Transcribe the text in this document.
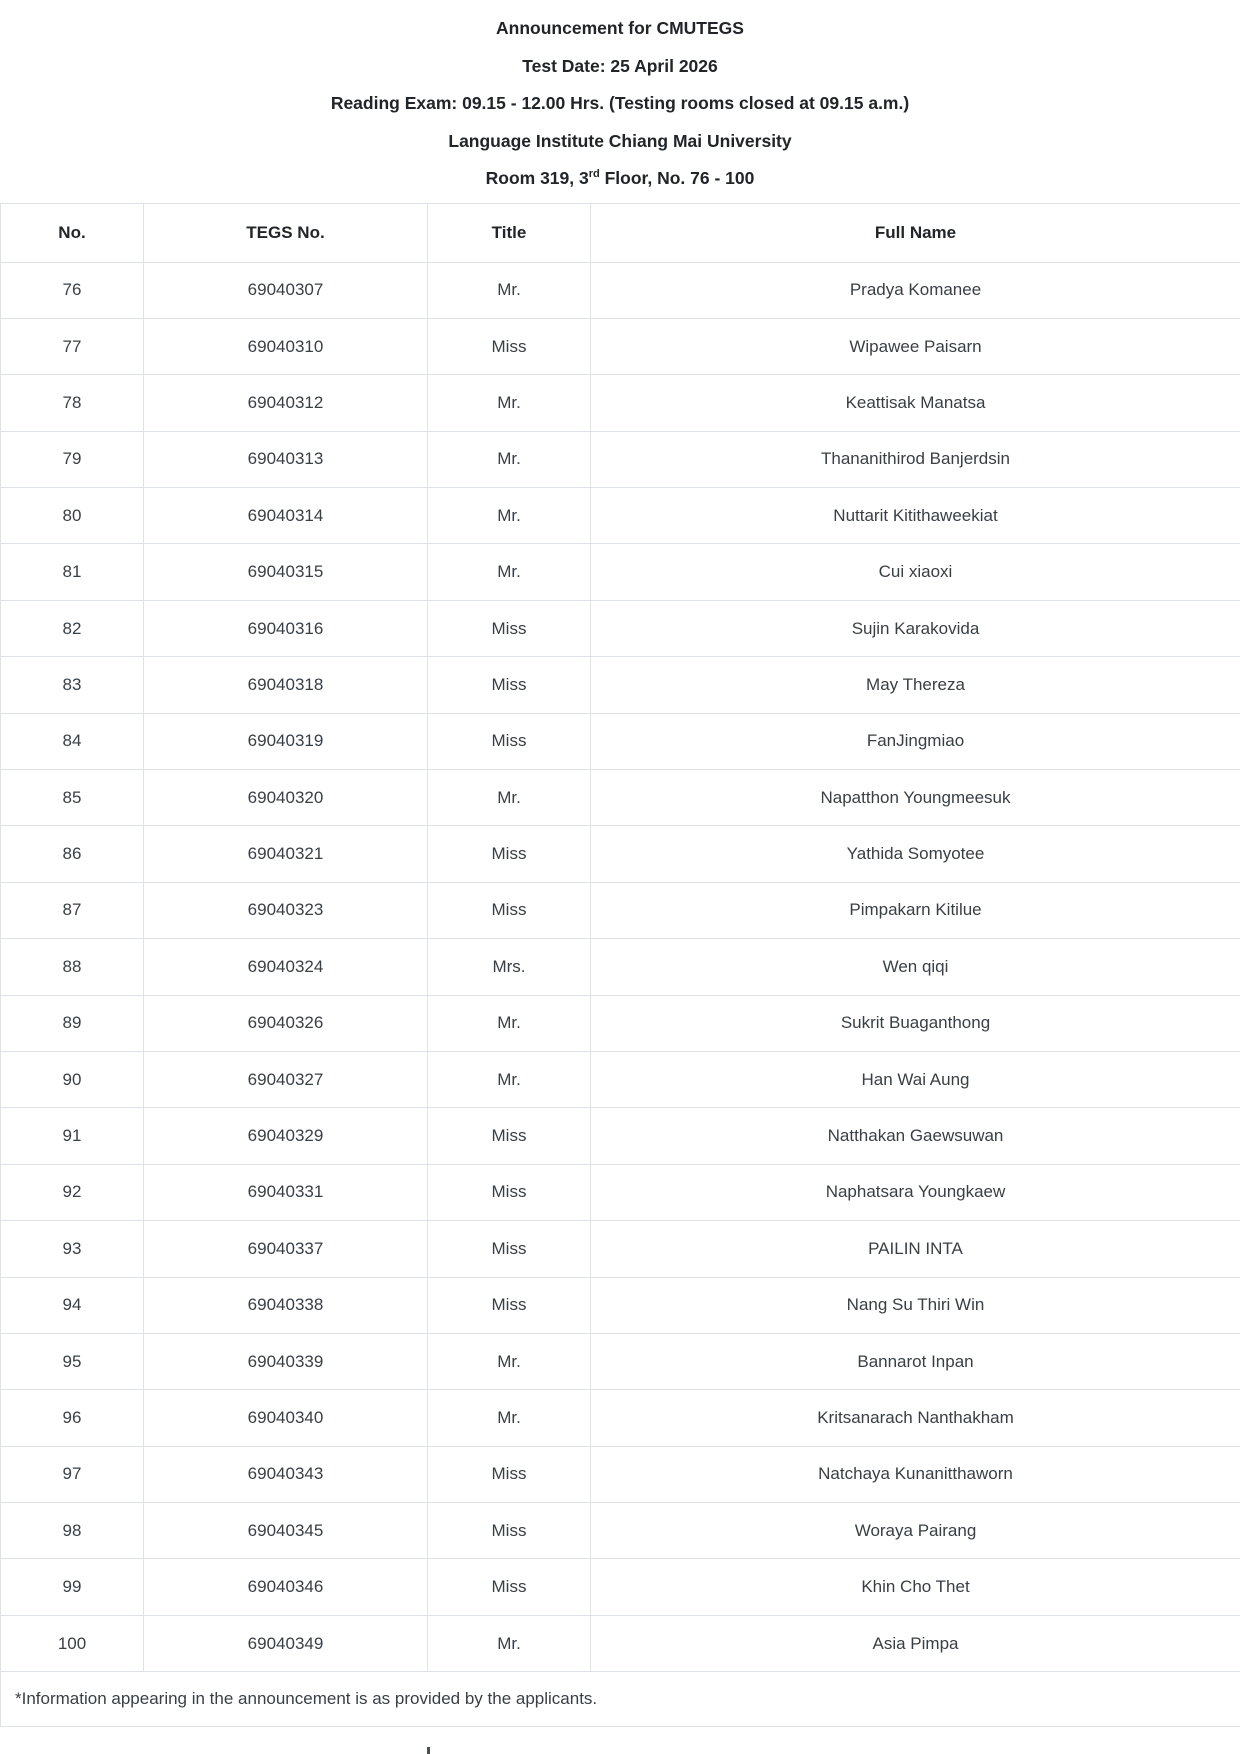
Announcement for CMUTEGS
Test Date: 25 April 2026
Reading Exam: 09.15 - 12.00 Hrs. (Testing rooms closed at 09.15 a.m.)
Language Institute Chiang Mai University
Room 319, 3rd Floor, No. 76 - 100
No.	TEGS No.	Title	Full Name
76	69040307	Mr.	Pradya Komanee
77	69040310	Miss	Wipawee Paisarn
78	69040312	Mr.	Keattisak Manatsa
79	69040313	Mr.	Thananithirod Banjerdsin
80	69040314	Mr.	Nuttarit Kitithaweekiat
81	69040315	Mr.	Cui xiaoxi
82	69040316	Miss	Sujin Karakovida
83	69040318	Miss	May Thereza
84	69040319	Miss	FanJingmiao
85	69040320	Mr.	Napatthon Youngmeesuk
86	69040321	Miss	Yathida Somyotee
87	69040323	Miss	Pimpakarn Kitilue
88	69040324	Mrs.	Wen qiqi
89	69040326	Mr.	Sukrit Buaganthong
90	69040327	Mr.	Han Wai Aung
91	69040329	Miss	Natthakan Gaewsuwan
92	69040331	Miss	Naphatsara Youngkaew
93	69040337	Miss	PAILIN INTA
94	69040338	Miss	Nang Su Thiri Win
95	69040339	Mr.	Bannarot Inpan
96	69040340	Mr.	Kritsanarach Nanthakham
97	69040343	Miss	Natchaya Kunanitthaworn
98	69040345	Miss	Woraya Pairang
99	69040346	Miss	Khin Cho Thet
100	69040349	Mr.	Asia Pimpa
*Information appearing in the announcement is as provided by the applicants.			
